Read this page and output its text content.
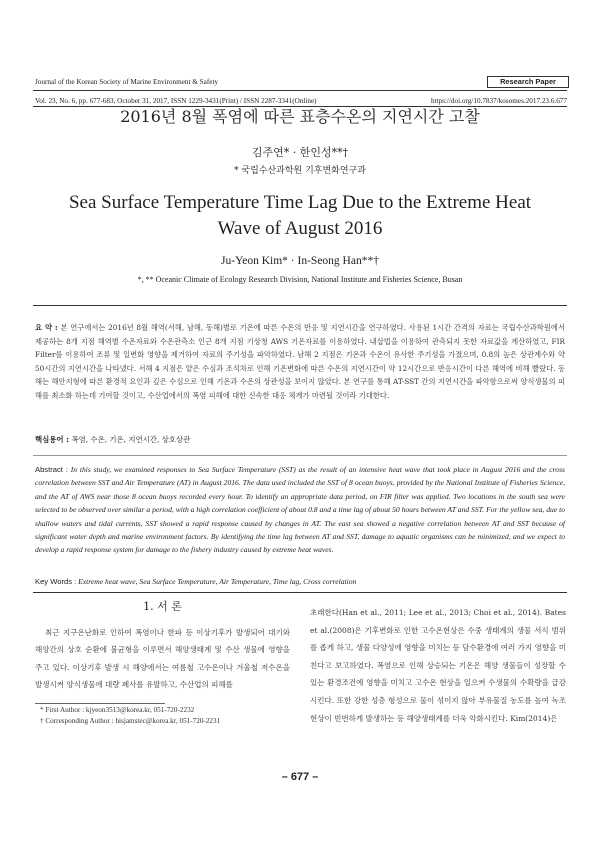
Journal of the Korean Society of Marine Environment & Safety
Vol. 23, No. 6, pp. 677-683, October 31, 2017, ISSN 1229-3431(Print) / ISSN 2287-3341(Online)
Research Paper
https://doi.org/10.7837/kosomes.2017.23.6.677
2016년 8월 폭염에 따른 표층수온의 지연시간 고찰
김주연* · 한인성**†
* 국립수산과학원 기후변화연구과
Sea Surface Temperature Time Lag Due to the Extreme Heat Wave of August 2016
Ju-Yeon Kim* · In-Seong Han**†
*, ** Oceanic Climate of Ecology Research Division, National Institute and Fisheries Science, Busan
요 약 : 본 연구에서는 2016년 8월 해역(서해, 남해, 동해)별로 기온에 따른 수온의 반응 및 지연시간을 연구하였다. 사용된 1시간 간격의 자료는 국립수산과학원에서 제공하는 8개 지점 해역별 수온자료와 수온관측소 인근 8개 지점 기상청 AWS 기온자료를 이용하였다. 내삽법을 이용하여 관측되지 못한 자료값을 계산하였고, FIR Filter를 이용하여 조류 및 일변화 영향을 제거하여 자료의 주기성을 파악하였다. 남해 2 지점은 기온과 수온이 유사한 주기성을 가졌으며, 0.8의 높은 상관계수와 약 50시간의 지연시간을 나타냈다. 서해 4 지점은 얕은 수심과 조석차로 인해 기온변화에 따른 수온의 지연시간이 약 12시간으로 반응시간이 다른 해역에 비해 빨랐다. 동해는 해안지형에 따른 환경적 요인과 깊은 수심으로 인해 기온과 수온의 상관성을 보이지 않았다. 본 연구를 통해 AT-SST 간의 지연시간을 파악함으로써 양식생물의 피해를 최소화 하는데 기여할 것이고, 수산업에서의 폭염 피해에 대한 신속한 대응 체계가 마련될 것이라 기대한다.
핵심용어 : 폭염, 수온, 기온, 지연시간, 상호상관
Abstract : In this study, we examined responses to Sea Surface Temperature (SST) as the result of an intensive heat wave that took place in August 2016 and the cross correlation between SST and Air Temperature (AT) in August 2016. The data used included the SST of 8 ocean buoys, provided by the National Institute of Fisheries Science, and the AT of AWS near those 8 ocean buoys recorded every hour. To identify an appropriate data period, on FIR filter was applied. Two locations in the south sea were selected to be observed over similar a period, with a high correlation coefficient of about 0.8 and a time lag of about 50 hours between AT and SST. For the yellow sea, due to shallow waters and tidal currents, SST showed a rapid response caused by changes in AT. The east sea showed a negative correlation between AT and SST because of significant water depth and marine environment factors. By identifying the time lag between AT and SST, damage to aquatic organisms can be minimized, and we expect to develop a rapid response system for damage to the fishery industry caused by extreme heat waves.
Key Words : Extreme heat wave, Sea Surface Temperature, Air Temperature, Time lag, Cross correlation
1. 서 론
최근 지구온난화로 인하여 폭염이나 한파 등 이상기후가 발생되어 대기와 해양간의 상호 순환에 불균형을 이루면서 해양생태계 및 수산 생물에 영향을 주고 있다. 이상기후 발생 시 해양에서는 여름철 고수온이나 겨울철 저수온을 발생시켜 양식생물에 대량 폐사를 유발하고, 수산업의 피해를
초래한다(Han et al., 2011; Lee et al., 2013; Choi et al., 2014). Bates et al.(2008)은 기후변화로 인한 고수온현상은 수중 생태계의 생물 서식 범위를 좁게 하고, 생물 다양성에 영향을 미치는 등 담수환경에 여러 가지 영향을 미친다고 보고하였다. 폭염으로 인해 상승되는 기온은 해양 생물들이 성장할 수 있는 환경조건에 영향을 미치고 고수온 현상을 일으켜 수생물의 수확량을 급감시킨다. 또한 강한 성층 형성으로 물이 섞이지 않아 부유물질 농도를 높여 녹조현상이 빈번하게 발생하는 등 해양생태계를 더욱 악화시킨다. Kim(2014)은
* First Author : kjyeon3513@korea.kr, 051-720-2232
† Corresponding Author : hisjamstec@korea.kr, 051-720-2231
– 677 –
